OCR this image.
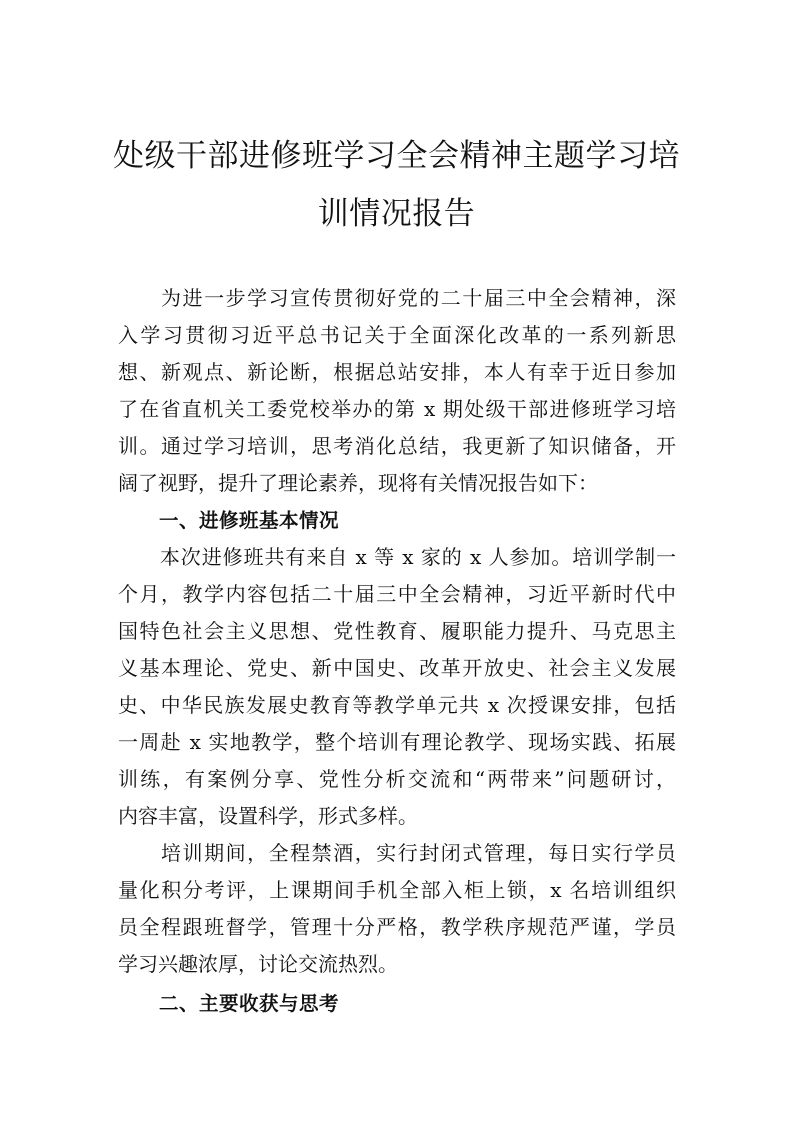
处级干部进修班学习全会精神主题学习培
训情况报告

　　为进一步学习宣传贯彻好党的二十届三中全会精神，深

入学习贯彻习近平总书记关于全面深化改革的一系列新思

想、新观点、新论断，根据总站安排，本人有幸于近日参加

了在省直机关工委党校举办的第 x 期处级干部进修班学习培

训。通过学习培训，思考消化总结，我更新了知识储备，开

阔了视野，提升了理论素养，现将有关情况报告如下：

一、进修班基本情况

　　本次进修班共有来自 x 等 x 家的 x 人参加。培训学制一

个月，教学内容包括二十届三中全会精神，习近平新时代中

国特色社会主义思想、党性教育、履职能力提升、马克思主

义基本理论、党史、新中国史、改革开放史、社会主义发展

史、中华民族发展史教育等教学单元共 x 次授课安排，包括

一周赴 x 实地教学，整个培训有理论教学、现场实践、拓展

训练，有案例分享、党性分析交流和“两带来”问题研讨，

内容丰富，设置科学，形式多样。

　　培训期间，全程禁酒，实行封闭式管理，每日实行学员

量化积分考评，上课期间手机全部入柜上锁，x 名培训组织

员全程跟班督学，管理十分严格，教学秩序规范严谨，学员

学习兴趣浓厚，讨论交流热烈。

二、主要收获与思考
